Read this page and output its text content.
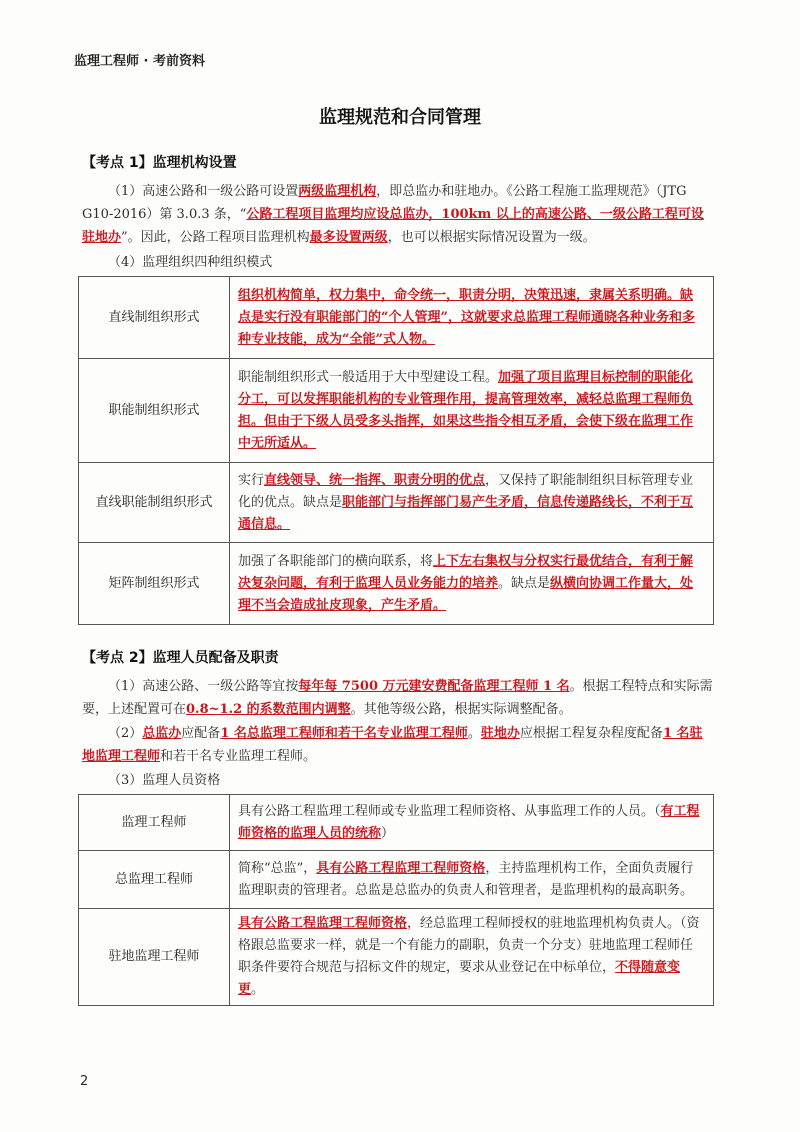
监理工程师 · 考前资料
监理规范和合同管理
【考点 1】监理机构设置
（1）高速公路和一级公路可设置两级监理机构，即总监办和驻地办。《公路工程施工监理规范》（JTG G10-2016）第 3.0.3 条，“公路工程项目监理均应设总监办，100km 以上的高速公路、一级公路工程可设驻地办”。因此，公路工程项目监理机构最多设置两级，也可以根据实际情况设置为一级。
（4）监理组织四种组织模式
直线制组织形式	组织机构简单，权力集中，命令统一，职责分明，决策迅速，隶属关系明确。缺点是实行没有职能部门的“个人管理”，这就要求总监理工程师通晓各种业务和多种专业技能，成为“全能”式人物。
职能制组织形式	职能制组织形式一般适用于大中型建设工程。加强了项目监理目标控制的职能化分工，可以发挥职能机构的专业管理作用，提高管理效率，减轻总监理工程师负担。但由于下级人员受多头指挥，如果这些指令相互矛盾，会使下级在监理工作中无所适从。
直线职能制组织形式	实行直线领导、统一指挥、职责分明的优点，又保持了职能制组织目标管理专业化的优点。缺点是职能部门与指挥部门易产生矛盾，信息传递路线长，不利于互通信息。
矩阵制组织形式	加强了各职能部门的横向联系，将上下左右集权与分权实行最优结合，有利于解决复杂问题，有利于监理人员业务能力的培养。缺点是纵横向协调工作量大，处理不当会造成扯皮现象，产生矛盾。
【考点 2】监理人员配备及职责
（1）高速公路、一级公路等宜按每年每 7500 万元建安费配备监理工程师 1 名。根据工程特点和实际需要，上述配置可在0.8~1.2 的系数范围内调整。其他等级公路，根据实际调整配备。
（2）总监办应配备1 名总监理工程师和若干名专业监理工程师。驻地办应根据工程复杂程度配备1 名驻地监理工程师和若干名专业监理工程师。
（3）监理人员资格
监理工程师	具有公路工程监理工程师或专业监理工程师资格、从事监理工作的人员。（有工程师资格的监理人员的统称）
总监理工程师	简称“总监”，具有公路工程监理工程师资格，主持监理机构工作，全面负责履行监理职责的管理者。总监是总监办的负责人和管理者，是监理机构的最高职务。
驻地监理工程师	具有公路工程监理工程师资格，经总监理工程师授权的驻地监理机构负责人。（资格跟总监要求一样，就是一个有能力的副职，负责一个分支）驻地监理工程师任职条件要符合规范与招标文件的规定，要求从业登记在中标单位，不得随意变更。
2
